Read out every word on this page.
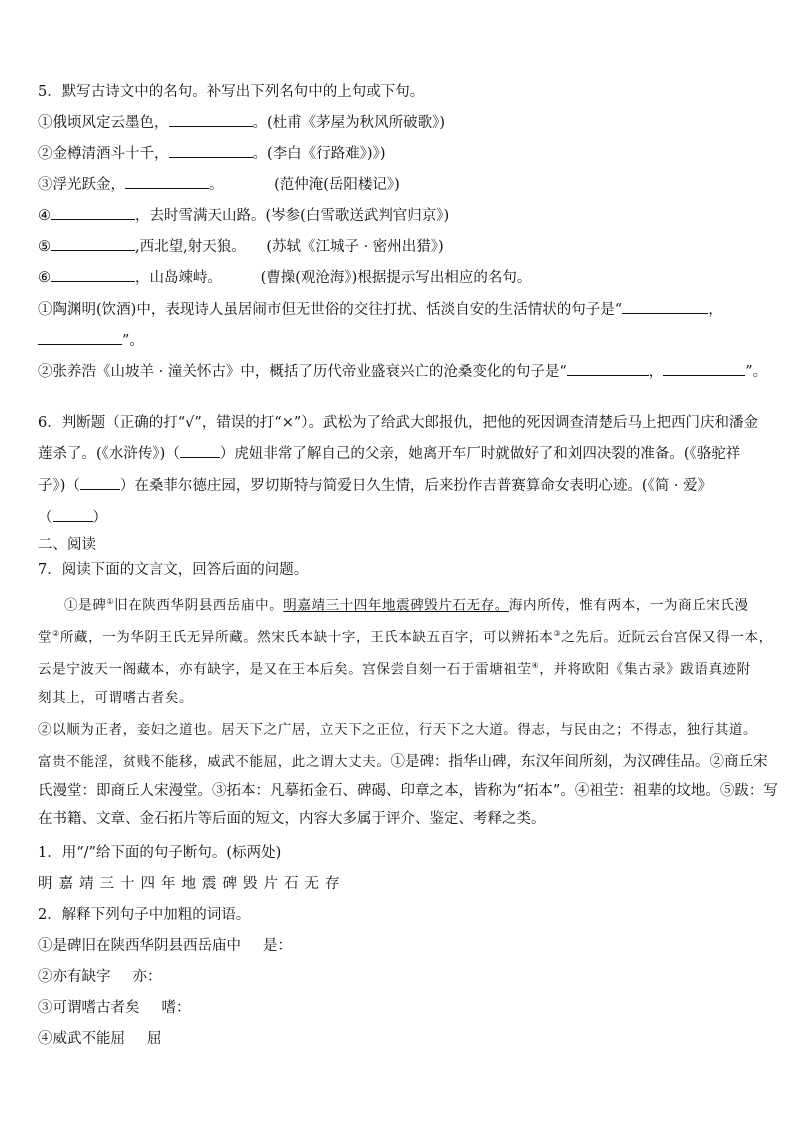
5．默写古诗文中的名句。补写出下列名句中的上句或下句。
①俄顷风定云墨色，	。(杜甫《茅屋为秋风所破歌》)
②金樽清酒斗十千，	。(李白《行路难》)》)
③浮光跃金，	。	(范仲淹(岳阳楼记》)
④	，去时雪满天山路。(岑参(白雪歌送武判官归京》)
⑤	,西北望,射天狼。 (苏轼《江城子 · 密州出猎》)
⑥	，山岛竦峙。	(曹操(观沧海》)根据提示写出相应的名句。
①陶渊明(饮酒)中，表现诗人虽居闹市但无世俗的交往打扰、恬淡自安的生活情状的句子是“	，
”。
②张养浩《山坡羊 · 潼关怀古》中，概括了历代帝业盛衰兴亡的沧桑变化的句子是“	，	”。
6．判断题（正确的打“√”，错误的打“×”）。武松为了给武大郎报仇，把他的死因调查清楚后马上把西门庆和潘金
莲杀了。(《水浒传》)（	）虎妞非常了解自己的父亲，她离开车厂时就做好了和刘四决裂的准备。(《骆驼祥
子》)（	）在桑菲尔德庄园，罗切斯特与简爱日久生情，后来扮作吉普赛算命女表明心迹。(《简 · 爱》
（	）
二、阅读
7．阅读下面的文言文，回答后面的问题。
①是碑①旧在陕西华阴县西岳庙中。明嘉靖三十四年地震碑毁片石无存。海内所传，惟有两本，一为商丘宋氏漫
堂②所藏，一为华阴王氏无异所藏。然宋氏本缺十字，王氏本缺五百字，可以辨拓本③之先后。近阮云台宫保又得一本，
云是宁波天一阁藏本，亦有缺字，是又在王本后矣。宫保尝自刻一石于雷塘祖茔④，并将欧阳《集古录》跋语真迹附
刻其上，可谓嗜古者矣。
②以顺为正者，妾妇之道也。居天下之广居，立天下之正位，行天下之大道。得志，与民由之；不得志，独行其道。
富贵不能淫，贫贱不能移，威武不能屈，此之谓大丈夫。①是碑：指华山碑，东汉年间所刻，为汉碑佳品。②商丘宋
氏漫堂：即商丘人宋漫堂。③拓本：凡摹拓金石、碑碣、印章之本，皆称为“拓本”。④祖茔：祖辈的坟地。⑤跋：写
在书籍、文章、金石拓片等后面的短文，内容大多属于评介、鉴定、考释之类。
1．用“/”给下面的句子断句。(标两处)
明嘉靖三十四年地震碑毁片石无存
2．解释下列句子中加粗的词语。
①是碑旧在陕西华阴县西岳庙中 是：
②亦有缺字 亦：
③可谓嗜古者矣 嗜：
④威武不能屈 屈
